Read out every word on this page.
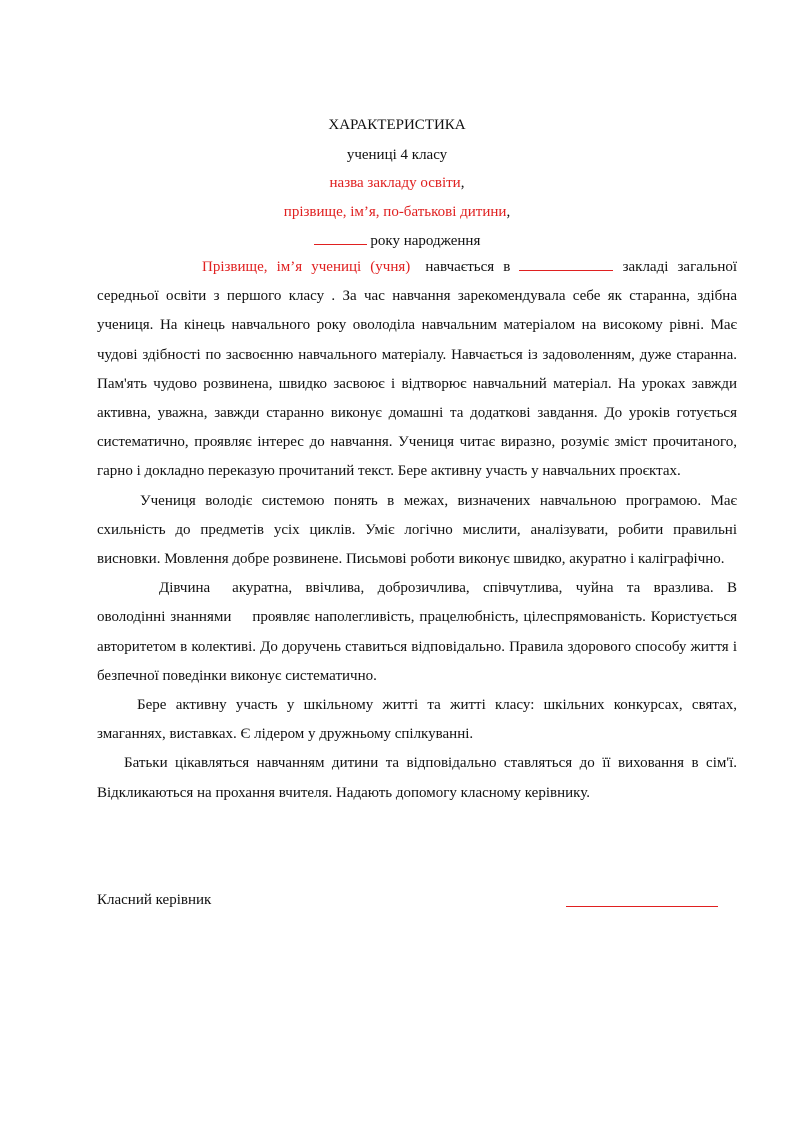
ХАРАКТЕРИСТИКА
учениці 4 класу
назва закладу освіти,
прізвище, ім’я, по-батькові дитини,
року народження

Прізвище, ім’я учениці (учня) навчається в	закладі загальної середньої освіти з першого класу . За час навчання зарекомендувала себе як старанна, здібна учениця. На кінець навчального року оволоділа навчальним матеріалом на високому рівні. Має чудові здібності по засвоєнню навчального матеріалу. Навчається із задоволенням, дуже старанна. Пам'ять чудово розвинена, швидко засвоює і відтворює навчальний матеріал. На уроках завжди активна, уважна, завжди старанно виконує домашні та додаткові завдання. До уроків готується систематично, проявляє інтерес до навчання. Учениця читає виразно, розуміє зміст прочитаного, гарно і докладно переказую прочитаний текст. Бере активну участь у навчальних проєктах.

Учениця володіє системою понять в межах, визначених навчальною програмою. Має схильність до предметів усіх циклів. Уміє логічно мислити, аналізувати, робити правильні висновки. Мовлення добре розвинене. Письмові роботи виконує швидко, акуратно і каліграфічно.

Дівчина акуратна, ввічлива, доброзичлива, співчутлива, чуйна та вразлива. В оволодінні знаннями проявляє наполегливість, працелюбність, цілеспрямованість. Користується авторитетом в колективі. До доручень ставиться відповідально. Правила здорового способу життя і безпечної поведінки виконує систематично.

Бере активну участь у шкільному житті та житті класу: шкільних конкурсах, святах, змаганнях, виставках. Є лідером у дружньому спілкуванні.

Батьки цікавляться навчанням дитини та відповідально ставляться до її виховання в сім'ї. Відкликаються на прохання вчителя. Надають допомогу класному керівнику.

Класний керівник
